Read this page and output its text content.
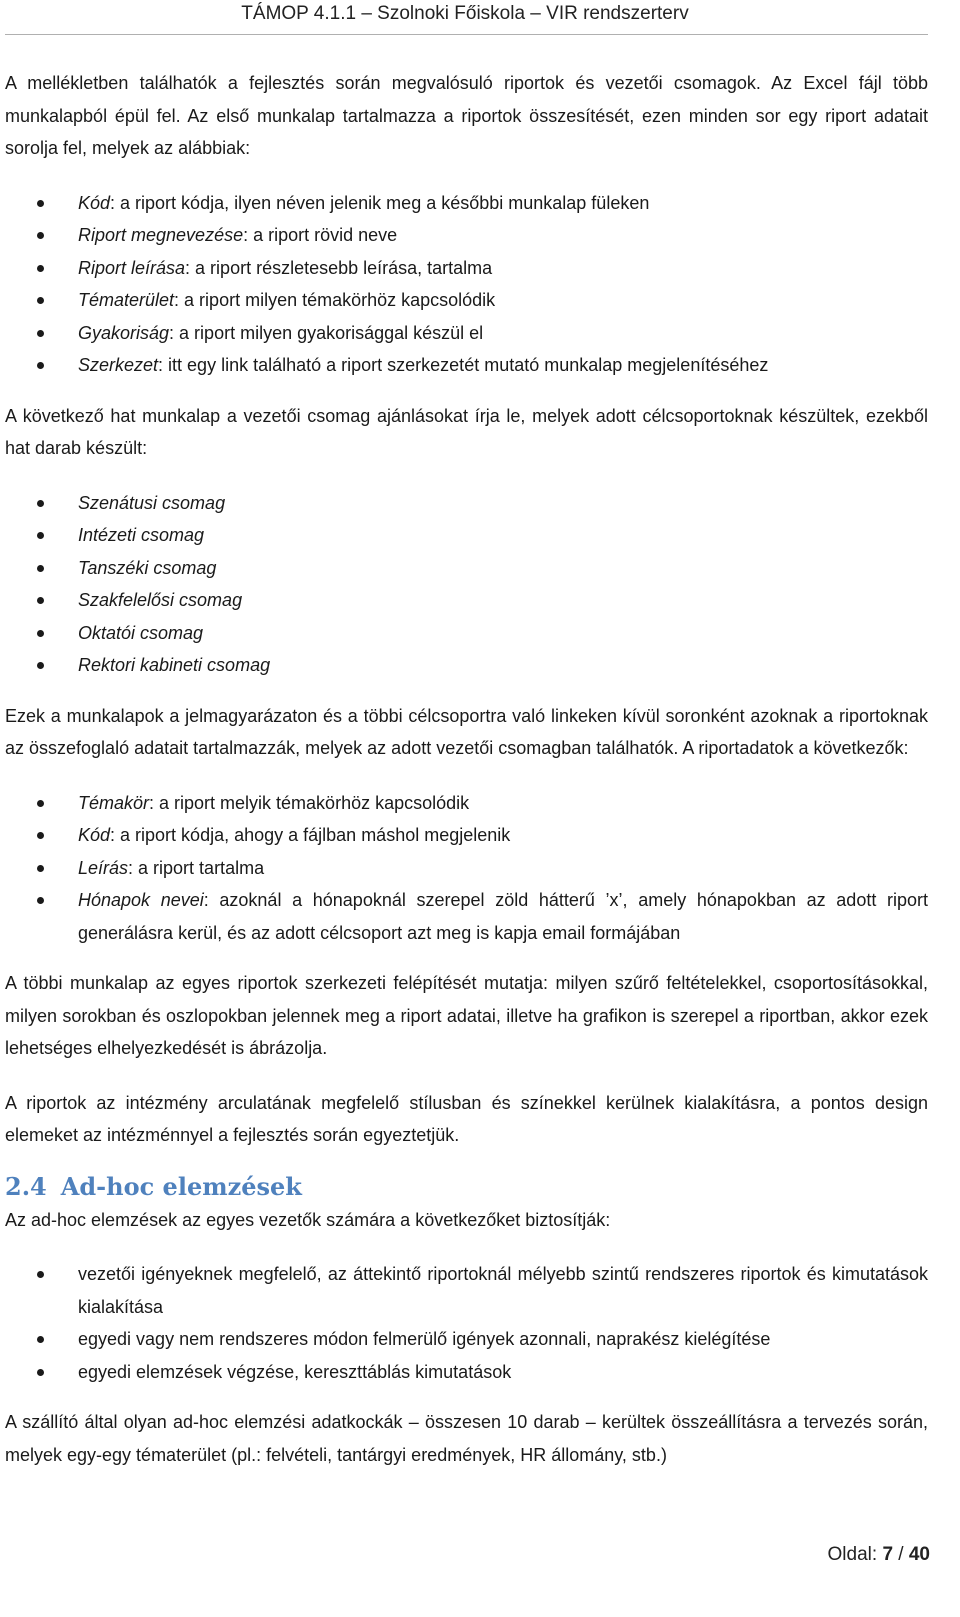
TÁMOP 4.1.1 – Szolnoki Főiskola – VIR rendszerterv

A mellékletben találhatók a fejlesztés során megvalósuló riportok és vezetői csomagok. Az Excel fájl több munkalapból épül fel. Az első munkalap tartalmazza a riportok összesítését, ezen minden sor egy riport adatait sorolja fel, melyek az alábbiak:

Kód: a riport kódja, ilyen néven jelenik meg a későbbi munkalap füleken
Riport megnevezése: a riport rövid neve
Riport leírása: a riport részletesebb leírása, tartalma
Tématerület: a riport milyen témakörhöz kapcsolódik
Gyakoriság: a riport milyen gyakorisággal készül el
Szerkezet: itt egy link található a riport szerkezetét mutató munkalap megjelenítéséhez

A következő hat munkalap a vezetői csomag ajánlásokat írja le, melyek adott célcsoportoknak készültek, ezekből hat darab készült:

Szenátusi csomag
Intézeti csomag
Tanszéki csomag
Szakfelelősi csomag
Oktatói csomag
Rektori kabineti csomag

Ezek a munkalapok a jelmagyarázaton és a többi célcsoportra való linkeken kívül soronként azoknak a riportoknak az összefoglaló adatait tartalmazzák, melyek az adott vezetői csomagban találhatók. A riportadatok a következők:

Témakör: a riport melyik témakörhöz kapcsolódik
Kód: a riport kódja, ahogy a fájlban máshol megjelenik
Leírás: a riport tartalma
Hónapok nevei: azoknál a hónapoknál szerepel zöld hátterű ’x’, amely hónapokban az adott riport generálásra kerül, és az adott célcsoport azt meg is kapja email formájában

A többi munkalap az egyes riportok szerkezeti felépítését mutatja: milyen szűrő feltételekkel, csoportosításokkal, milyen sorokban és oszlopokban jelennek meg a riport adatai, illetve ha grafikon is szerepel a riportban, akkor ezek lehetséges elhelyezkedését is ábrázolja.

A riportok az intézmény arculatának megfelelő stílusban és színekkel kerülnek kialakításra, a pontos design elemeket az intézménnyel a fejlesztés során egyeztetjük.

2.4 Ad-hoc elemzések

Az ad-hoc elemzések az egyes vezetők számára a következőket biztosítják:

vezetői igényeknek megfelelő, az áttekintő riportoknál mélyebb szintű rendszeres riportok és kimutatások kialakítása
egyedi vagy nem rendszeres módon felmerülő igények azonnali, naprakész kielégítése
egyedi elemzések végzése, kereszttáblás kimutatások

A szállító által olyan ad-hoc elemzési adatkockák – összesen 10 darab – kerültek összeállításra a tervezés során, melyek egy-egy tématerület (pl.: felvételi, tantárgyi eredmények, HR állomány, stb.)

Oldal: 7 / 40
